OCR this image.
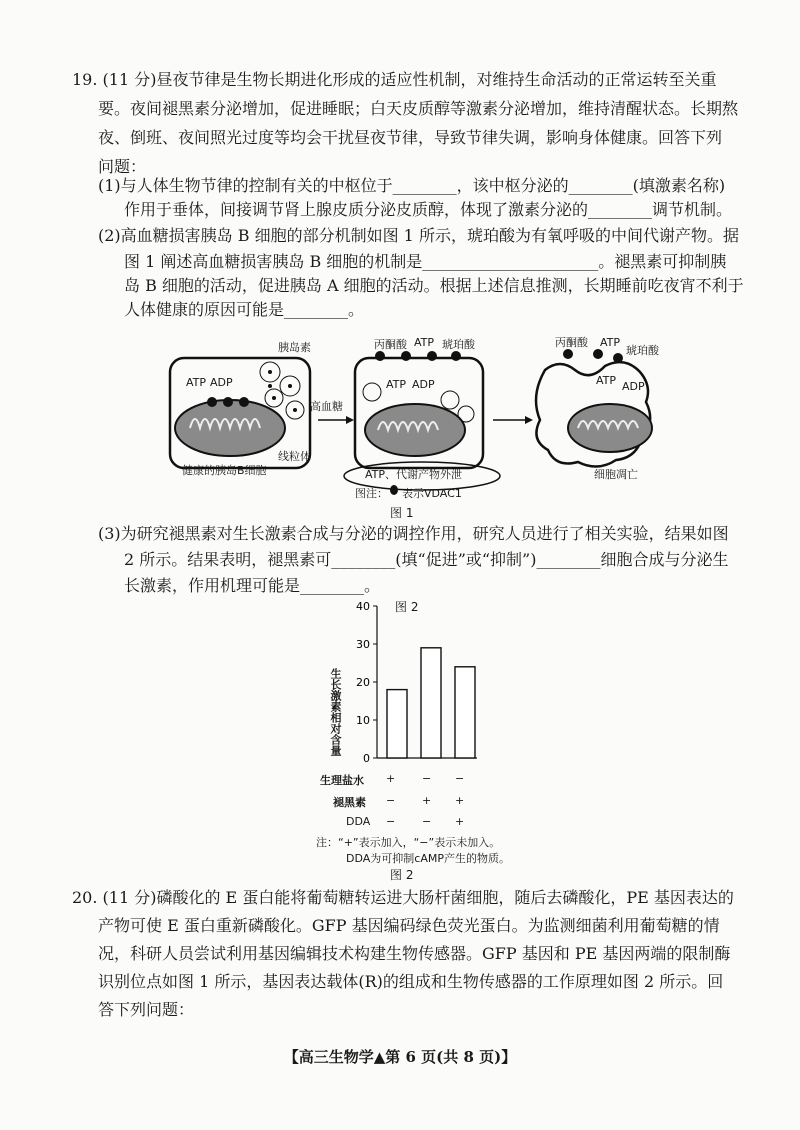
19. (11 分)昼夜节律是生物长期进化形成的适应性机制，对维持生命活动的正常运转至关重
要。夜间褪黑素分泌增加，促进睡眠；白天皮质醇等激素分泌增加，维持清醒状态。长期熬
夜、倒班、夜间照光过度等均会干扰昼夜节律，导致节律失调，影响身体健康。回答下列
问题：
(1)与人体生物节律的控制有关的中枢位于________，该中枢分泌的________(填激素名称)
作用于垂体，间接调节肾上腺皮质分泌皮质醇，体现了激素分泌的________调节机制。
(2)高血糖损害胰岛 B 细胞的部分机制如图 1 所示，琥珀酸为有氧呼吸的中间代谢产物。据
图 1 阐述高血糖损害胰岛 B 细胞的机制是______________________。褪黑素可抑制胰
岛 B 细胞的活动，促进胰岛 A 细胞的活动。根据上述信息推测，长期睡前吃夜宵不利于
人体健康的原因可能是________。
胰岛素	丙酮酸 ATP 琥珀酸	丙酮酸 ATP
琥珀酸
ATP ADP	ATP ADP	ATP ADP
高血糖
线粒体
健康的胰岛B细胞	ATP、代谢产物外泄	细胞凋亡
图注： 表示VDAC1
图 1
(3)为研究褪黑素对生长激素合成与分泌的调控作用，研究人员进行了相关实验，结果如图
2 所示。结果表明，褪黑素可________(填“促进”或“抑制”)________细胞合成与分泌生
长激素，作用机理可能是________。
图 2
生长激素相对含量
0
10
20
30
40
生理盐水 + − −
褪黑素 − + +
DDA − − +
注：“+”表示加入，“−”表示未加入。
DDA为可抑制cAMP产生的物质。
图 2
20. (11 分)磷酸化的 E 蛋白能将葡萄糖转运进大肠杆菌细胞，随后去磷酸化，PE 基因表达的
产物可使 E 蛋白重新磷酸化。GFP 基因编码绿色荧光蛋白。为监测细菌利用葡萄糖的情
况，科研人员尝试利用基因编辑技术构建生物传感器。GFP 基因和 PE 基因两端的限制酶
识别位点如图 1 所示，基因表达载体(R)的组成和生物传感器的工作原理如图 2 所示。回
答下列问题：
【高三生物学▲第 6 页(共 8 页)】
